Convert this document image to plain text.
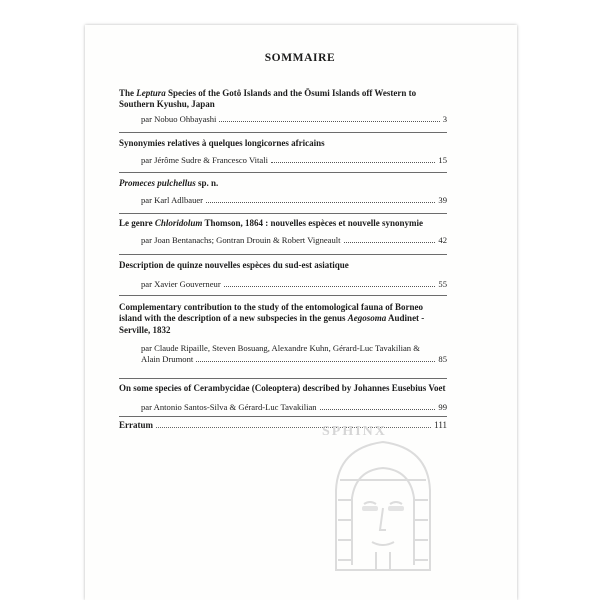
SOMMAIRE

The Leptura Species of the Gotô Islands and the Ōsumi Islands off Western to Southern Kyushu, Japan

par Nobuo Ohbayashi	3

Synonymies relatives à quelques longicornes africains

par Jérôme Sudre & Francesco Vitali	15

Promeces pulchellus sp. n.

par Karl Adlbauer	39

Le genre Chloridolum Thomson, 1864 : nouvelles espèces et nouvelle synonymie

par Joan Bentanachs; Gontran Drouin & Robert Vigneault	42

Description de quinze nouvelles espèces du sud-est asiatique

par Xavier Gouverneur	55

Complementary contribution to the study of the entomological fauna of Borneo island with the description of a new subspecies in the genus Aegosoma Audinet -Serville, 1832

par Claude Ripaille, Steven Bosuang, Alexandre Kuhn, Gérard-Luc Tavakilian &

Alain Drumont	85

On some species of Cerambycidae (Coleoptera) described by Johannes Eusebius Voet

par Antonio Santos-Silva & Gérard-Luc Tavakilian	99
Erratum	111
SPHINX
